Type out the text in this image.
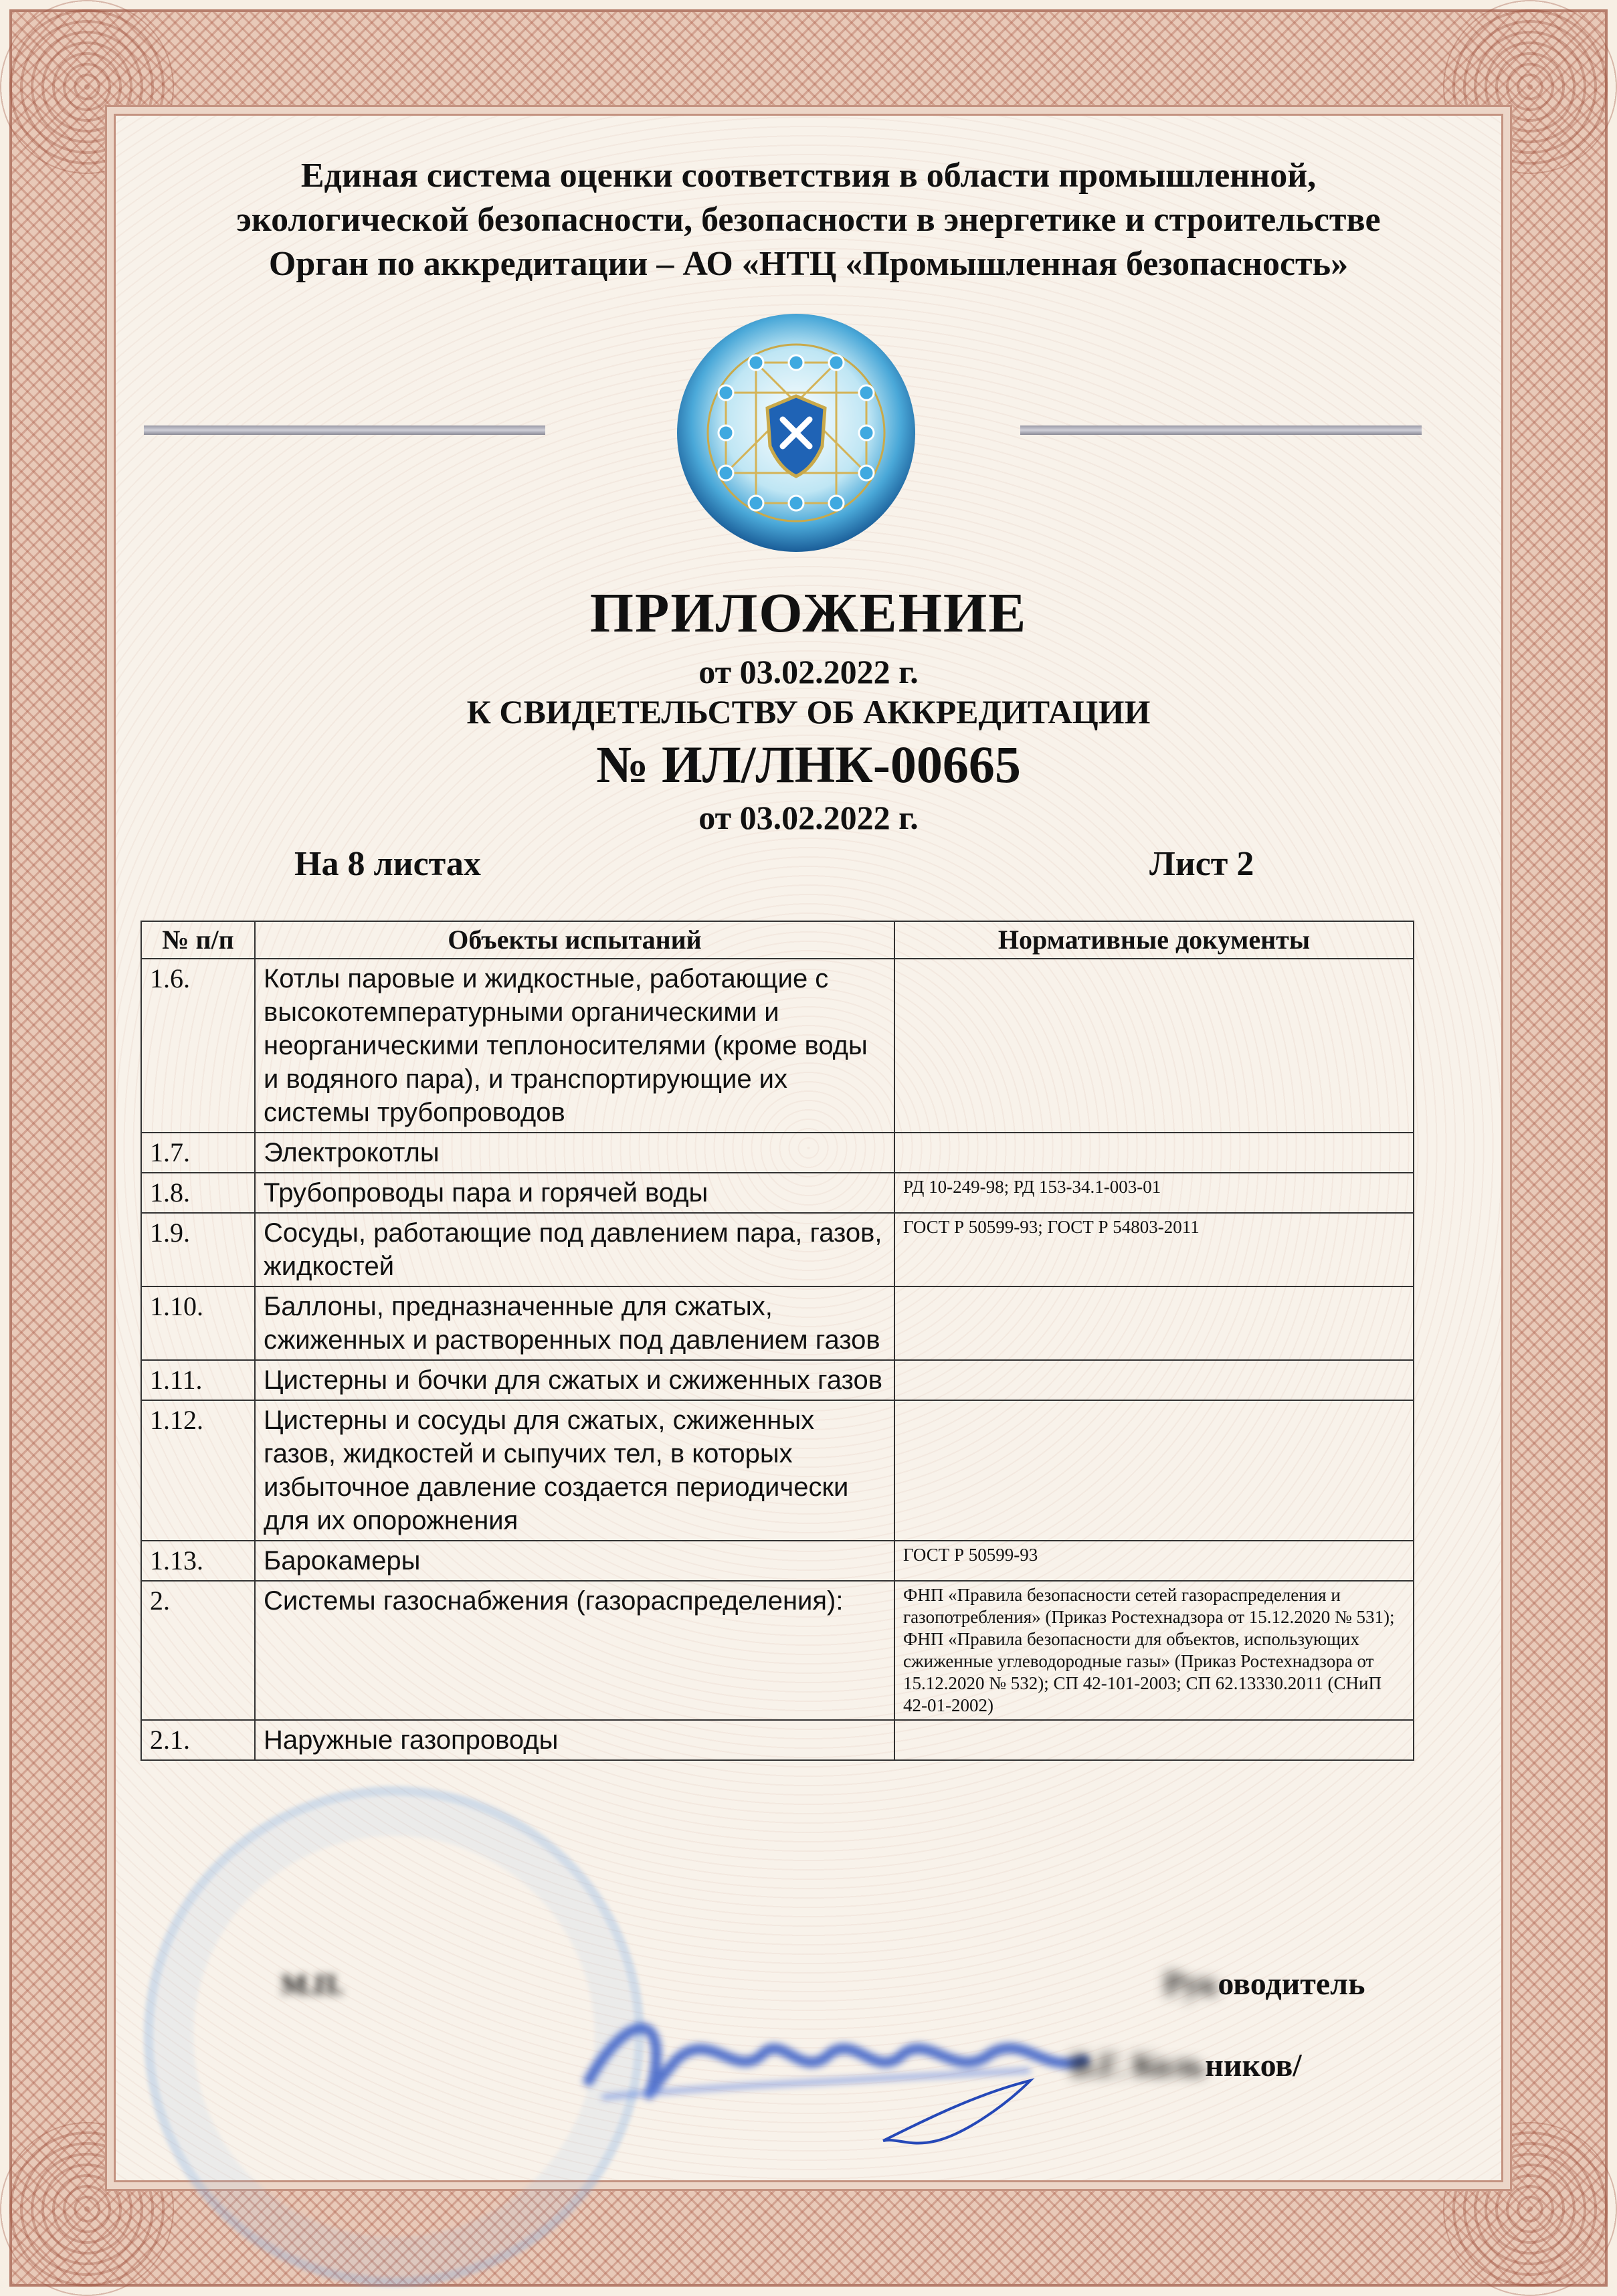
Единая система оценки соответствия в области промышленной,
экологической безопасности, безопасности в энергетике и строительстве
Орган по аккредитации – АО «НТЦ «Промышленная безопасность»
ПРИЛОЖЕНИЕ
от 03.02.2022 г.
К СВИДЕТЕЛЬСТВУ ОБ АККРЕДИТАЦИИ
№ ИЛ/ЛНК-00665
от 03.02.2022 г.
На 8 листах	Лист 2
№ п/п	Объекты испытаний	Нормативные документы
1.6.	Котлы паровые и жидкостные, работающие с высокотемпературными органическими и неорганическими теплоносителями (кроме воды и водяного пара), и транспортирующие их системы трубопроводов	
1.7.	Электрокотлы	
1.8.	Трубопроводы пара и горячей воды	РД 10-249-98; РД 153-34.1-003-01
1.9.	Сосуды, работающие под давлением пара, газов, жидкостей	ГОСТ Р 50599-93; ГОСТ Р 54803-2011
1.10.	Баллоны, предназначенные для сжатых, сжиженных и растворенных под давлением газов	
1.11.	Цистерны и бочки для сжатых и сжиженных газов	
1.12.	Цистерны и сосуды для сжатых, сжиженных газов, жидкостей и сыпучих тел, в которых избыточное давление создается периодически для их опорожнения	
1.13.	Барокамеры	ГОСТ Р 50599-93
2.	Системы газоснабжения (газораспределения):	ФНП «Правила безопасности сетей газораспределения и газопотребления» (Приказ Ростехнадзора от 15.12.2020 № 531); ФНП «Правила безопасности для объектов, использующих сжиженные углеводородные газы» (Приказ Ростехнадзора от 15.12.2020 № 532); СП 42-101-2003; СП 62.13330.2011 (СНиП 42-01-2002)
2.1.	Наружные газопроводы	
М.П.	Руководитель
В.Г. Кольников/
